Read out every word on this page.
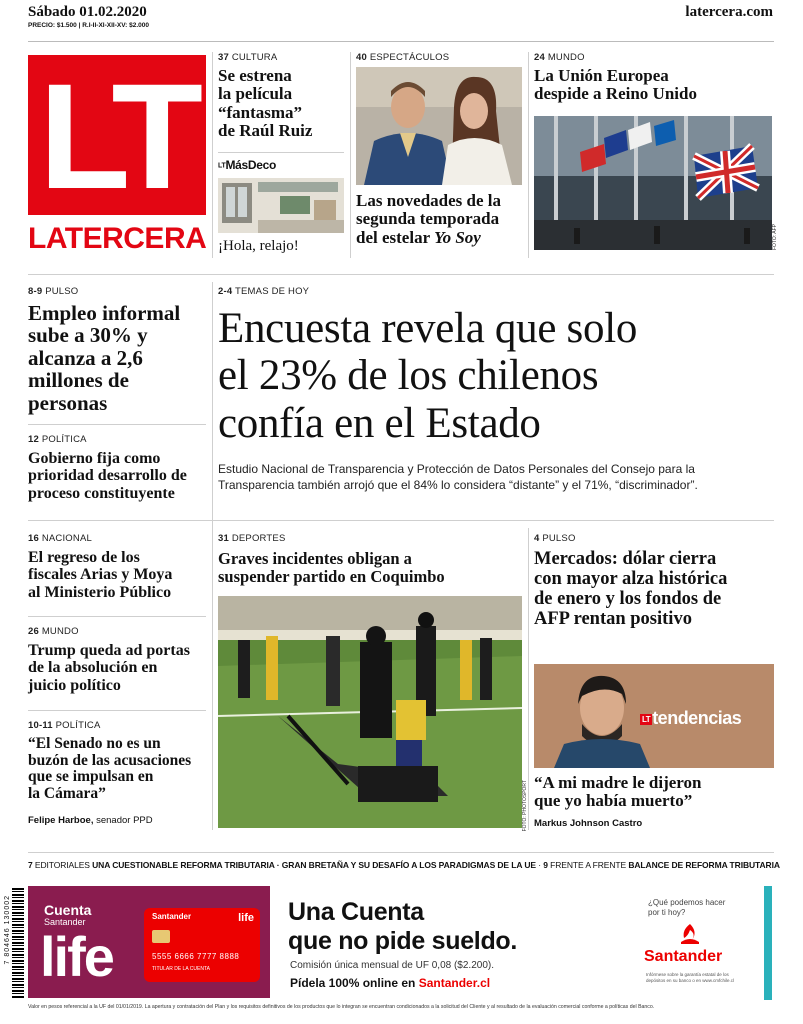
Sábado 01.02.2020
PRECIO: $1.500 | R.I-II-XI-XII-XV: $2.000
latercera.com
LT
LATERCERA
37 CULTURA
Se estrena
la película
“fantasma”
de Raúl Ruiz
LTMásDeco
¡Hola, relajo!
40 ESPECTÁCULOS
Las novedades de la
segunda temporada
del estelar Yo Soy
24 MUNDO
La Unión Europea
despide a Reino Unido
FOTO: AFP
8-9 PULSO
Empleo informal
sube a 30% y
alcanza a 2,6
millones de
personas
12 POLÍTICA
Gobierno fija como
prioridad desarrollo de
proceso constituyente
16 NACIONAL
El regreso de los
fiscales Arias y Moya
al Ministerio Público
26 MUNDO
Trump queda ad portas
de la absolución en
juicio político
10-11 POLÍTICA
“El Senado no es un
buzón de las acusaciones
que se impulsan en
la Cámara”
Felipe Harboe, senador PPD
2-4 TEMAS DE HOY
Encuesta revela que solo
el 23% de los chilenos
confía en el Estado
Estudio Nacional de Transparencia y Protección de Datos Personales del Consejo para la
Transparencia también arrojó que el 84% lo considera “distante” y el 71%, “discriminador”.
31 DEPORTES
Graves incidentes obligan a
suspender partido en Coquimbo
FOTO: PHOTOSPORT
4 PULSO
Mercados: dólar cierra
con mayor alza histórica
de enero y los fondos de
AFP rentan positivo
LT tendencias
“A mi madre le dijeron
que yo había muerto”
Markus Johnson Castro
7 EDITORIALES UNA CUESTIONABLE REFORMA TRIBUTARIA · GRAN BRETAÑA Y SU DESAFÍO A LOS PARADIGMAS DE LA UE · 9 FRENTE A FRENTE BALANCE DE REFORMA TRIBUTARIA
7 804646 130002 Cuenta
Santander
life
Santander	life
5555 6666 7777 8888
TITULAR DE LA CUENTA
Una Cuenta
que no pide sueldo.
Comisión única mensual de UF 0,08 ($2.200).
Pídela 100% online en Santander.cl
¿Qué podemos hacer
por ti hoy?
Santander
Infórmese sobre la garantía estatal de los
depósitos en su banco o en www.cmfchile.cl
Valor en pesos referencial a la UF del 01/01/2019. La apertura y contratación del Plan y los requisitos definitivos de los productos que lo integran se encuentran condicionados a la solicitud del Cliente y al resultado de la evaluación comercial conforme a políticas del Banco.
